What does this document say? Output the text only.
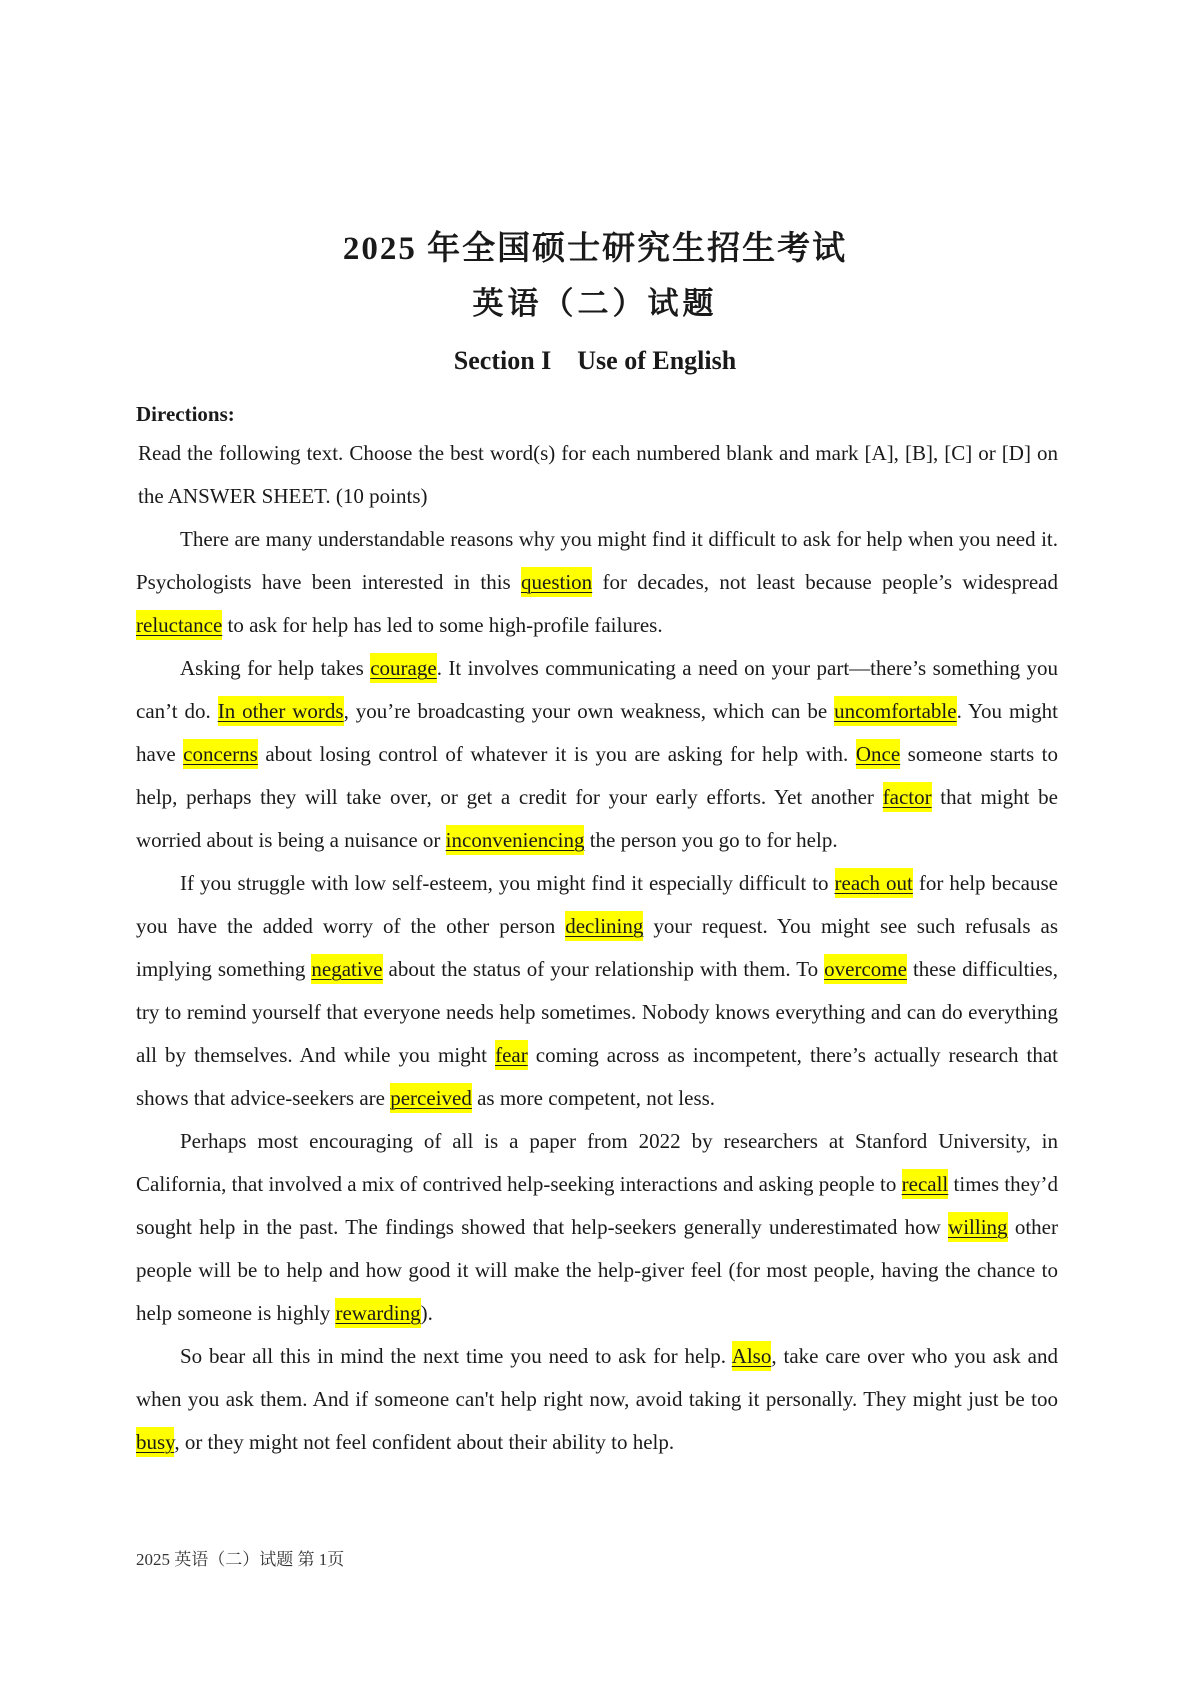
2025 年全国硕士研究生招生考试
英语（二）试题
Section I    Use of English
Directions:

Read the following text. Choose the best word(s) for each numbered blank and mark [A], [B], [C] or [D] on the ANSWER SHEET. (10 points)

There are many understandable reasons why you might find it difficult to ask for help when you need it. Psychologists have been interested in this question for decades, not least because people’s widespread reluctance to ask for help has led to some high-profile failures.

Asking for help takes courage. It involves communicating a need on your part—there’s something you can’t do. In other words, you’re broadcasting your own weakness, which can be uncomfortable. You might have concerns about losing control of whatever it is you are asking for help with. Once someone starts to help, perhaps they will take over, or get a credit for your early efforts. Yet another factor that might be worried about is being a nuisance or inconveniencing the person you go to for help.

If you struggle with low self-esteem, you might find it especially difficult to reach out for help because you have the added worry of the other person declining your request. You might see such refusals as implying something negative about the status of your relationship with them. To overcome these difficulties, try to remind yourself that everyone needs help sometimes. Nobody knows everything and can do everything all by themselves. And while you might fear coming across as incompetent, there’s actually research that shows that advice-seekers are perceived as more competent, not less.

Perhaps most encouraging of all is a paper from 2022 by researchers at Stanford University, in California, that involved a mix of contrived help-seeking interactions and asking people to recall times they’d sought help in the past. The findings showed that help-seekers generally underestimated how willing other people will be to help and how good it will make the help-giver feel (for most people, having the chance to help someone is highly rewarding).

So bear all this in mind the next time you need to ask for help. Also, take care over who you ask and when you ask them. And if someone can't help right now, avoid taking it personally. They might just be too busy, or they might not feel confident about their ability to help.

2025 英语（二）试题 第 1页
